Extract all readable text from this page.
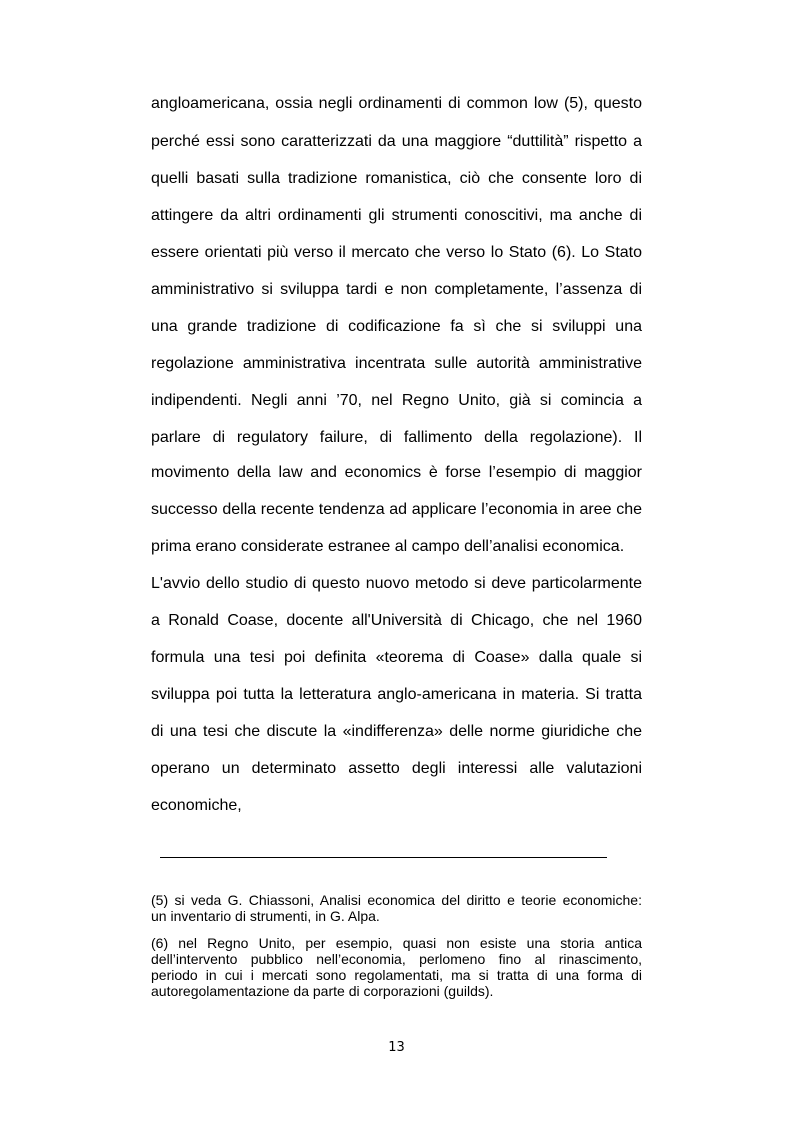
angloamericana, ossia negli ordinamenti di common low (5), questo
perché essi sono caratterizzati da una maggiore “duttilità” rispetto a
quelli basati sulla tradizione romanistica, ciò che consente loro di
attingere da altri ordinamenti gli strumenti conoscitivi, ma anche di
essere orientati più verso il mercato che verso lo Stato (6). Lo Stato
amministrativo si sviluppa tardi e non completamente, l’assenza di
una grande tradizione di codificazione fa sì che si sviluppi una
regolazione amministrativa incentrata sulle autorità amministrative
indipendenti. Negli anni ’70, nel Regno Unito, già si comincia a
parlare di regulatory failure, di fallimento della regolazione). Il
movimento della law and economics è forse l’esempio di maggior
successo della recente tendenza ad applicare l’economia in aree che
prima erano considerate estranee al campo dell’analisi economica.
L'avvio dello studio di questo nuovo metodo si deve particolarmente
a Ronald Coase, docente all'Università di Chicago, che nel 1960
formula una tesi poi definita «teorema di Coase» dalla quale si
sviluppa poi tutta la letteratura anglo-americana in materia. Si tratta
di una tesi che discute la «indifferenza» delle norme giuridiche che
operano un determinato assetto degli interessi alle valutazioni
economiche,
(5) si veda G. Chiassoni, Analisi economica del diritto e teorie economiche:
un inventario di strumenti, in G. Alpa.
(6) nel Regno Unito, per esempio, quasi non esiste una storia antica
dell’intervento pubblico nell’economia, perlomeno fino al rinascimento,
periodo in cui i mercati sono regolamentati, ma si tratta di una forma di
autoregolamentazione da parte di corporazioni (guilds).
13
